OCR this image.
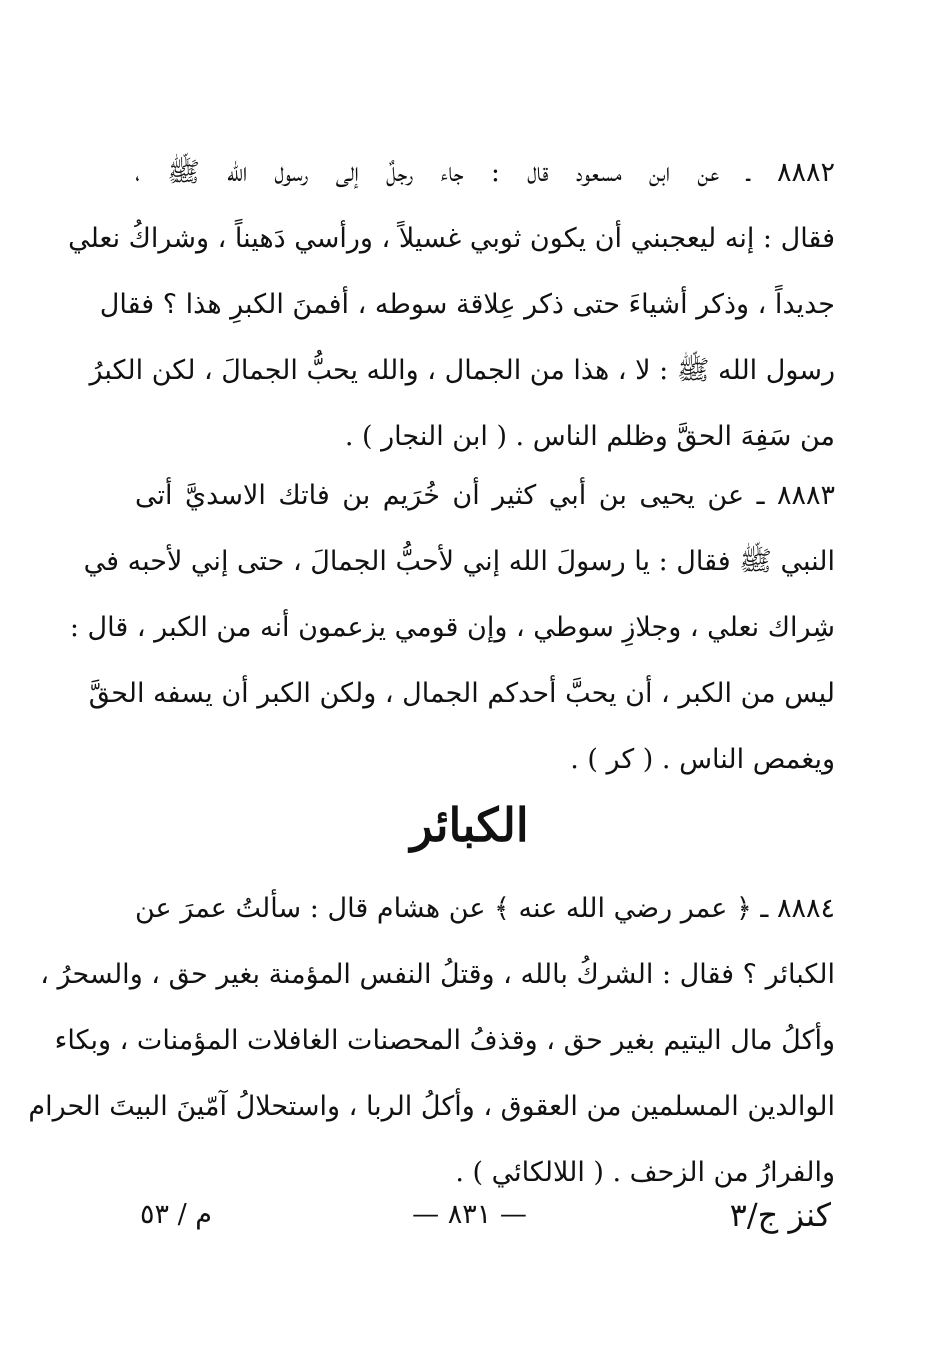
٨٨٨٢ ـ عن ابن مسعود قال : جاء رجلٌ إلى رسول الله ﷺ ،
فقال : إنه ليعجبني أن يكون ثوبي غسيلاً ، ورأسي دَهيناً ، وشراكُ نعلي
جديداً ، وذكر أشياءَ حتى ذكر عِلاقة سوطه ، أفمنَ الكبرِ هذا ؟ فقال
رسول الله ﷺ : لا ، هذا من الجمال ، والله يحبُّ الجمالَ ، لكن الكبرُ
من سَفِهَ الحقَّ وظلم الناس . ( ابن النجار ) .
٨٨٨٣ ـ عن يحيى بن أبي كثير أن خُرَيم بن فاتك الاسديَّ أتى
النبي ﷺ فقال : يا رسولَ الله إني لأحبُّ الجمالَ ، حتى إني لأحبه في
شِراك نعلي ، وجلازِ سوطي ، وإن قومي يزعمون أنه من الكبر ، قال :
ليس من الكبر ، أن يحبَّ أحدكم الجمال ، ولكن الكبر أن يسفه الحقَّ
ويغمص الناس . ( كر ) .
الكبائر
٨٨٨٤ ـ ﴿ عمر رضي الله عنه ﴾ عن هشام قال : سألتُ عمرَ عن
الكبائر ؟ فقال : الشركُ بالله ، وقتلُ النفس المؤمنة بغير حق ، والسحرُ ،
وأكلُ مال اليتيم بغير حق ، وقذفُ المحصنات الغافلات المؤمنات ، وبكاء
الوالدين المسلمين من العقوق ، وأكلُ الربا ، واستحلالُ آمّينَ البيتَ الحرام
والفرارُ من الزحف . ( اللالكائي ) .
كنز ج/٣
— ٨٣١ —
م / ٥٣
